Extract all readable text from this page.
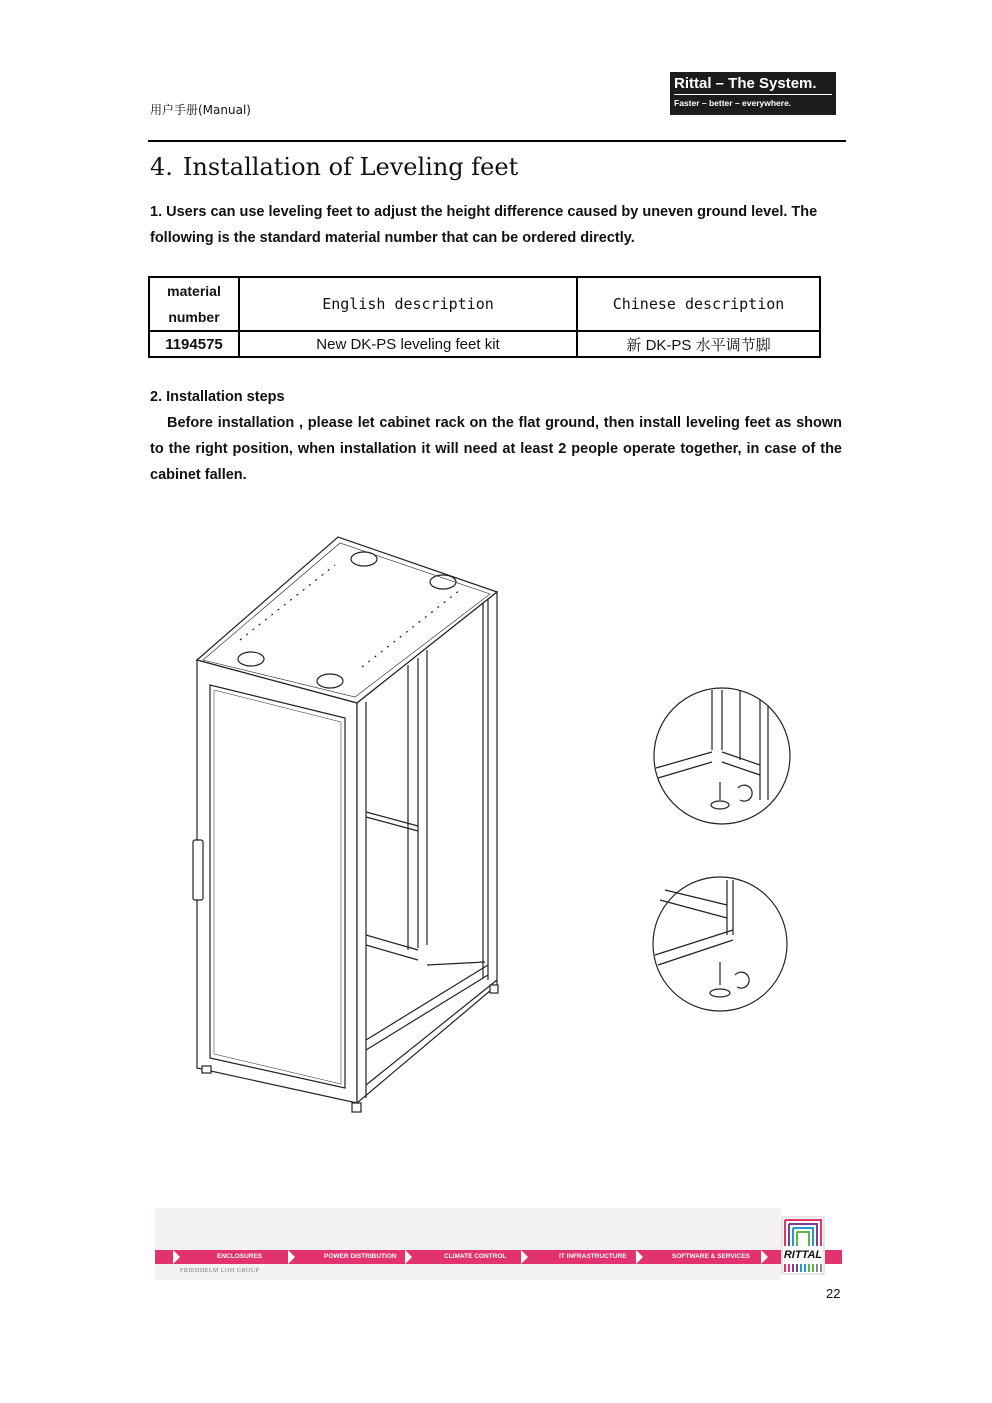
用户手册(Manual)
Rittal – The System.
Faster – better – everywhere.
4. Installation of Leveling feet
1. Users can use leveling feet to adjust the height difference caused by uneven ground level. The following is the standard material number that can be ordered directly.
material
number	English description	Chinese description
1194575	New DK-PS leveling feet kit	新 DK-PS 水平调节脚
2. Installation steps
Before installation , please let cabinet rack on the flat ground, then install leveling feet as shown to the right position, when installation it will need at least 2 people operate together, in case of the cabinet fallen.
ENCLOSURES	POWER DISTRIBUTION	CLIMATE CONTROL	IT INFRASTRUCTURE	SOFTWARE & SERVICES
FRIEDHELM LOH GROUP
RITTAL
22
